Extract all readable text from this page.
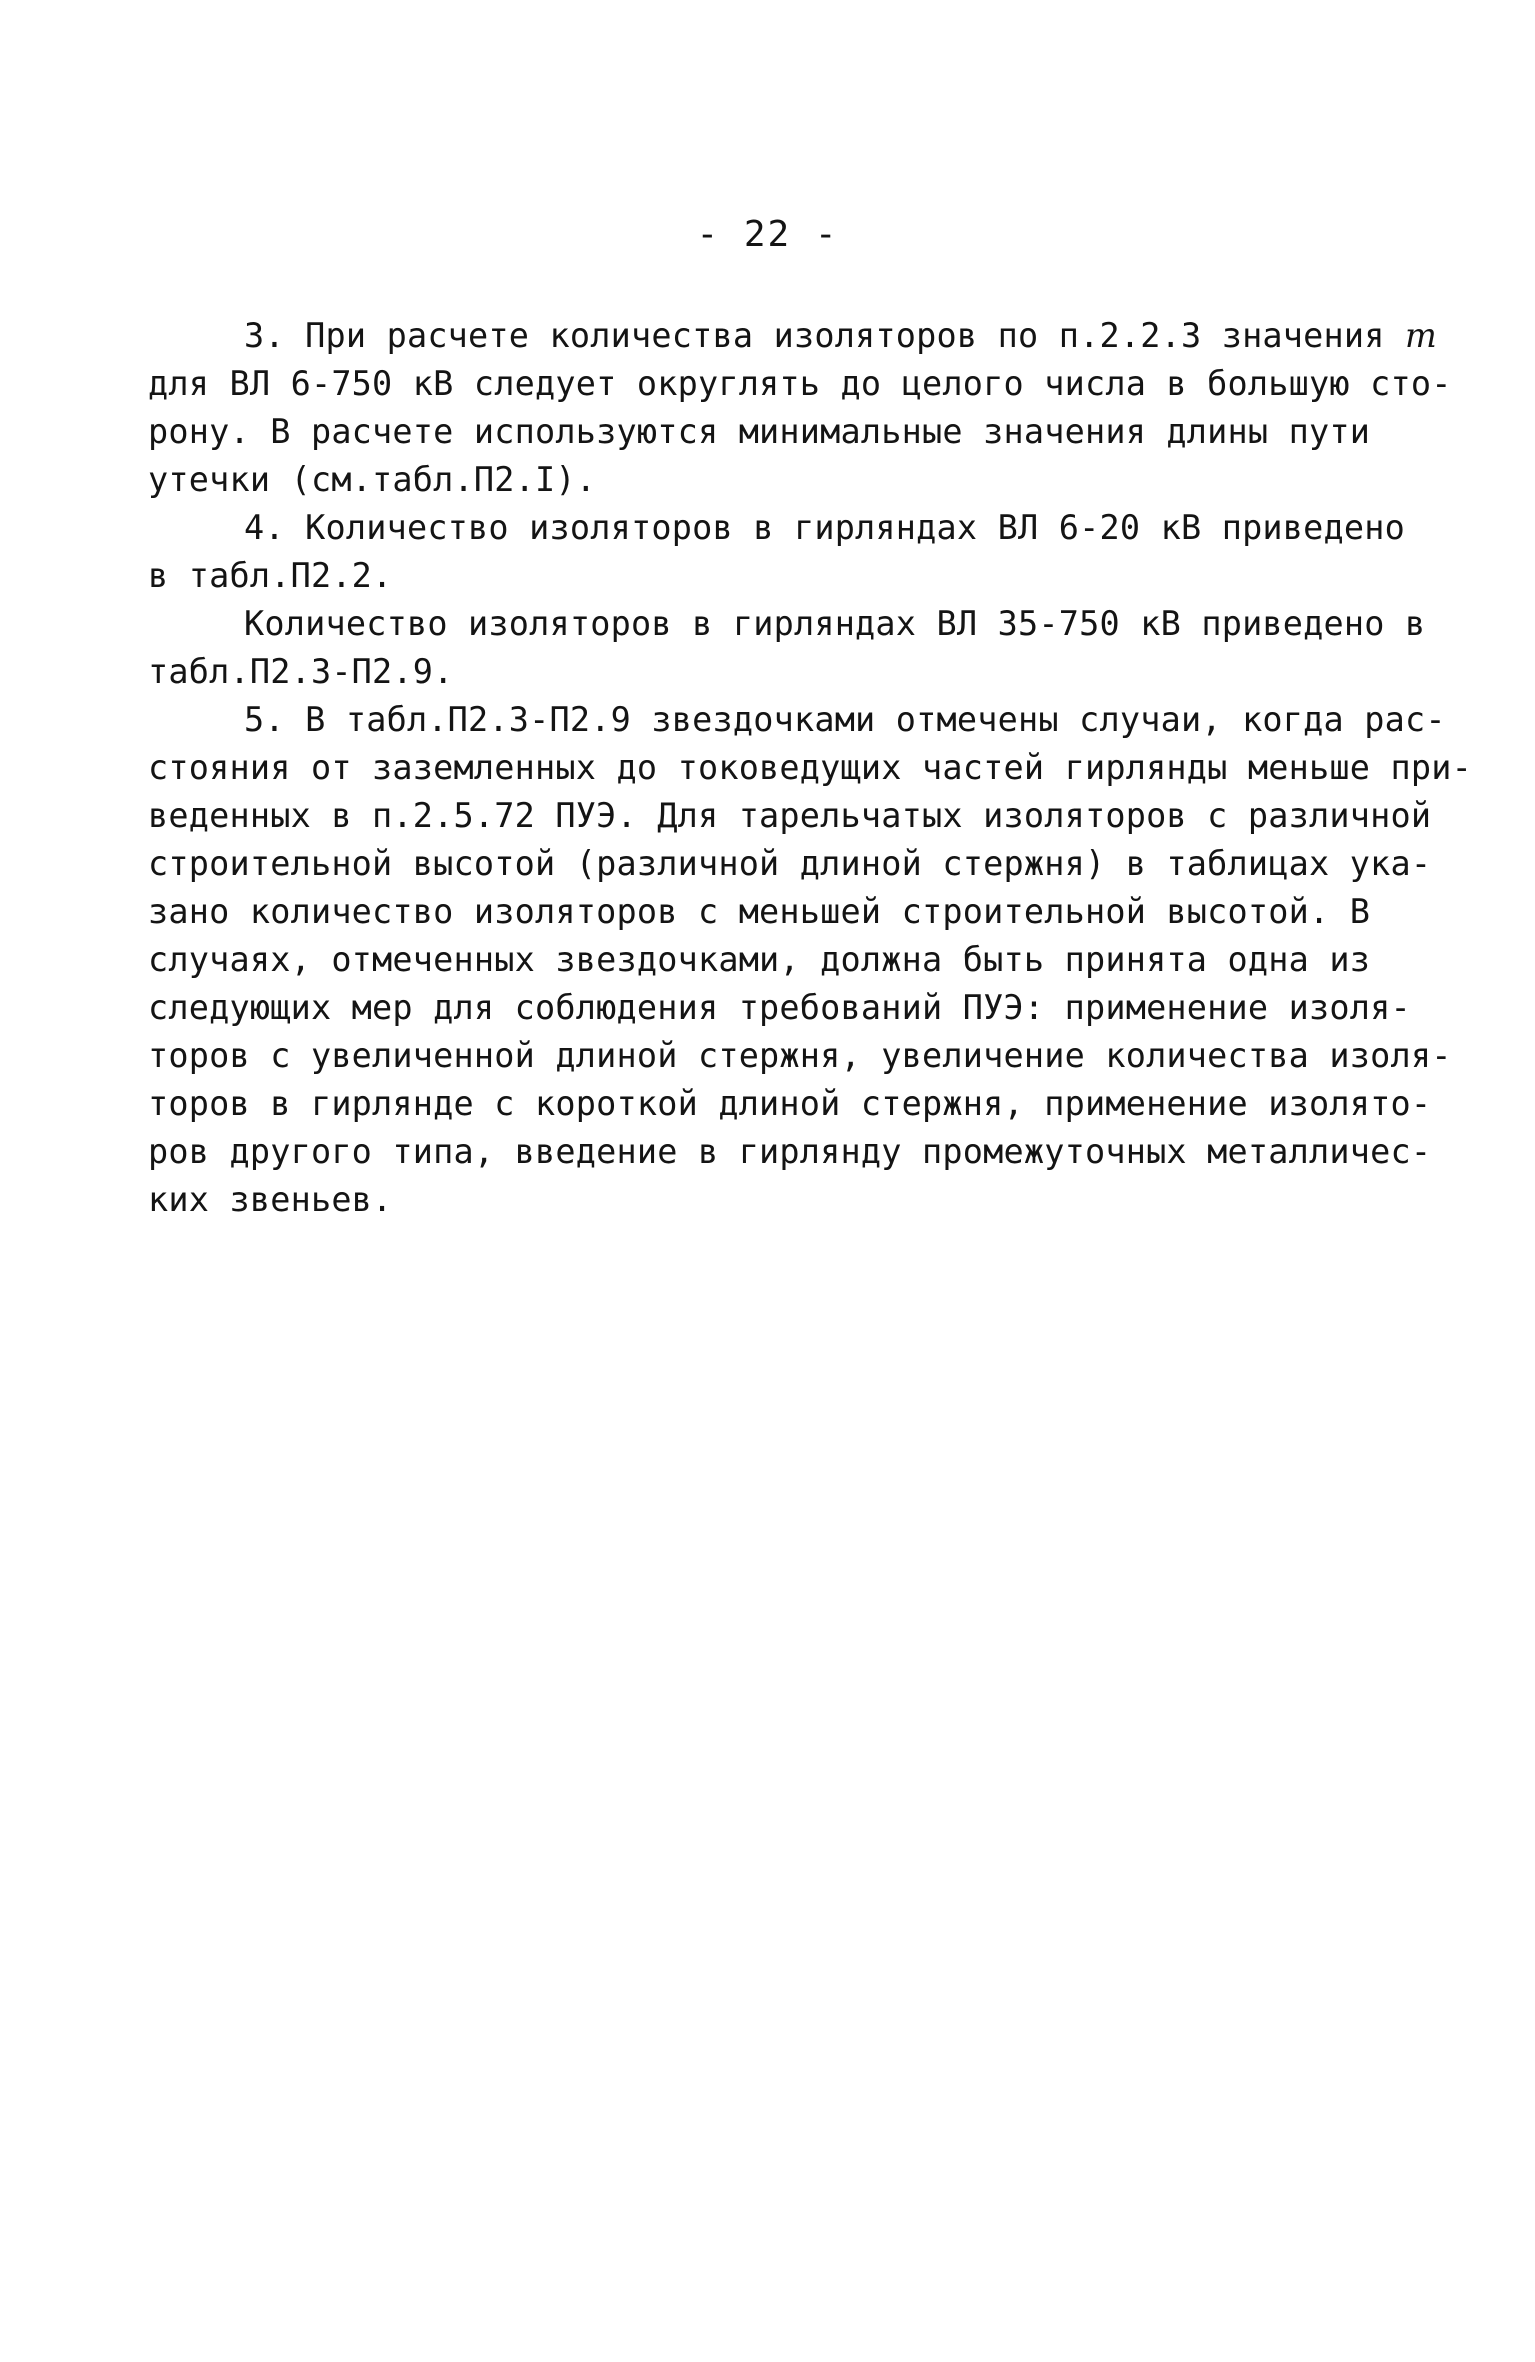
- 22 -
3. При расчете количества изоляторов по п.2.2.3 значения m
для ВЛ 6-750 кВ следует округлять до целого числа в большую сто-
рону. В расчете используются минимальные значения длины пути
утечки (см.табл.П2.I).
4. Количество изоляторов в гирляндах ВЛ 6-20 кВ приведено
в табл.П2.2.
Количество изоляторов в гирляндах ВЛ 35-750 кВ приведено в
табл.П2.3-П2.9.
5. В табл.П2.3-П2.9 звездочками отмечены случаи, когда рас-
стояния от заземленных до токоведущих частей гирлянды меньше при-
веденных в п.2.5.72 ПУЭ. Для тарельчатых изоляторов с различной
строительной высотой (различной длиной стержня) в таблицах ука-
зано количество изоляторов с меньшей строительной высотой. В
случаях, отмеченных звездочками, должна быть принята одна из
следующих мер для соблюдения требований ПУЭ: применение изоля-
торов с увеличенной длиной стержня, увеличение количества изоля-
торов в гирлянде с короткой длиной стержня, применение изолято-
ров другого типа, введение в гирлянду промежуточных металличес-
ких звеньев.
